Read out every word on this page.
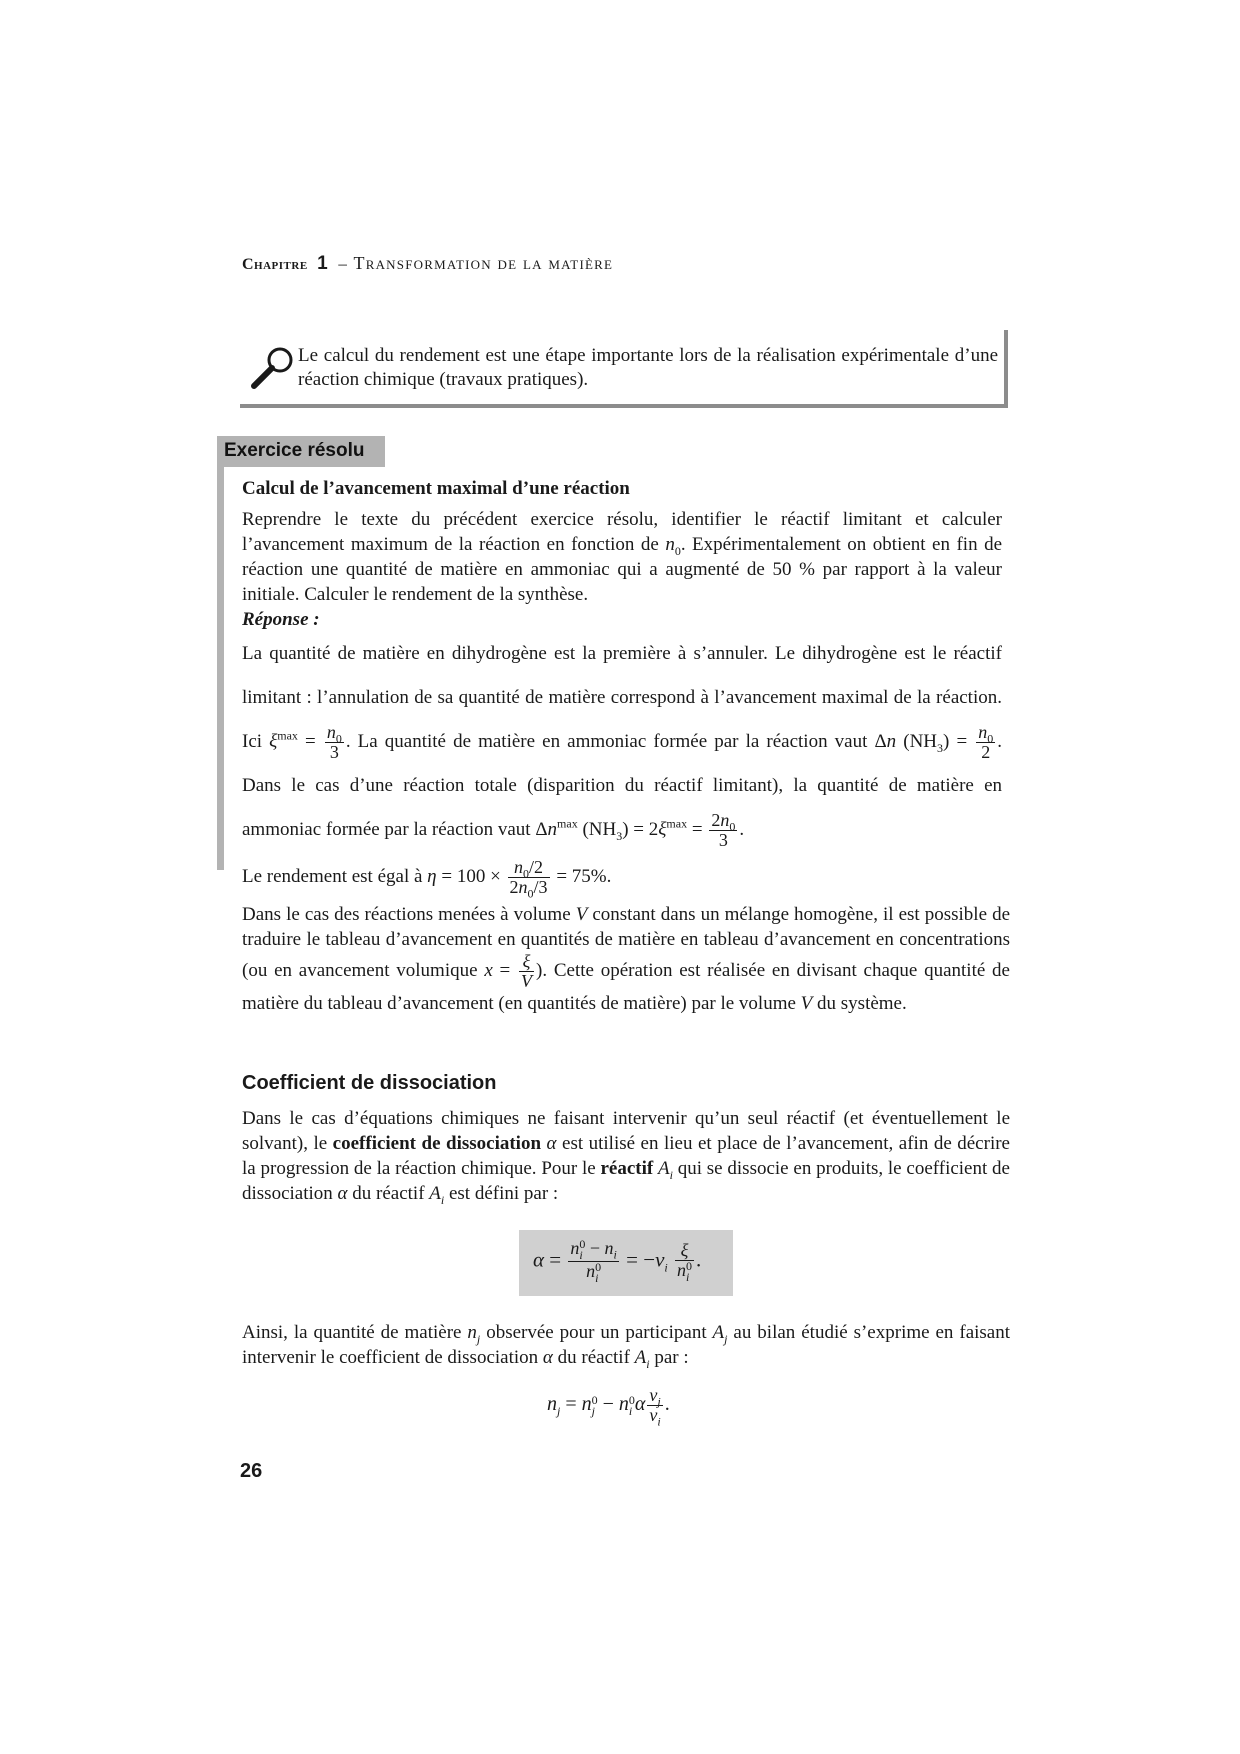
Chapitre 1 – Transformation de la matière
Le calcul du rendement est une étape importante lors de la réalisation expérimentale d’une réaction chimique (travaux pratiques).
Exercice résolu
Calcul de l’avancement maximal d’une réaction
Reprendre le texte du précédent exercice résolu, identifier le réactif limitant et calculer l’avancement maximum de la réaction en fonction de $n_0$. Expérimentalement on obtient en fin de réaction une quantité de matière en ammoniac qui a augmenté de 50 % par rapport à la valeur initiale. Calculer le rendement de la synthèse.
Réponse :
La quantité de matière en dihydrogène est la première à s’annuler. Le dihydrogène est le réactif limitant : l’annulation de sa quantité de matière correspond à l’avancement maximal de la réaction. Ici $\xi^{max} = \frac{n_0}{3}$ . La quantité de matière en ammoniac formée par la réaction vaut Δn $(NH_3) = \frac{n_0}{2}$ . Dans le cas d’une réaction totale (disparition du réactif limitant), la quantité de matière en ammoniac formée par la réaction vaut $\Delta n^{max}$ $(NH_3) = 2\xi^{max} = \frac{2n_0}{3}$ .
Le rendement est égal à $\eta = 100 \times \frac{n_0/2}{2n_0/3} = 75\%$.
Dans le cas des réactions menées à volume V constant dans un mélange homogène, il est possible de traduire le tableau d’avancement en quantités de matière en tableau d’avancement en concentrations (ou en avancement volumique $x = \frac{\xi}{V}$ ). Cette opération est réalisée en divisant chaque quantité de matière du tableau d’avancement (en quantités de matière) par le volume V du système.
Coefficient de dissociation
Dans le cas d’équations chimiques ne faisant intervenir qu’un seul réactif (et éventuellement le solvant), le coefficient de dissociation α est utilisé en lieu et place de l’avancement, afin de décrire la progression de la réaction chimique. Pour le réactif $A_i$ qui se dissocie en produits, le coefficient de dissociation α du réactif $A_i$ est défini par :
α = n 0
$i - n_i$
n 0
$i = -\nu_i$ ξ
n 0
i .
Ainsi, la quantité de matière $n_j$ observée pour un participant $A_j$ au bilan étudié s’exprime en faisant intervenir le coefficient de dissociation α du réactif $A_i$ par :
$n_j = n$ 0
j − n 0
i α $\frac{\nu_j}{\nu_i}$ .
26
